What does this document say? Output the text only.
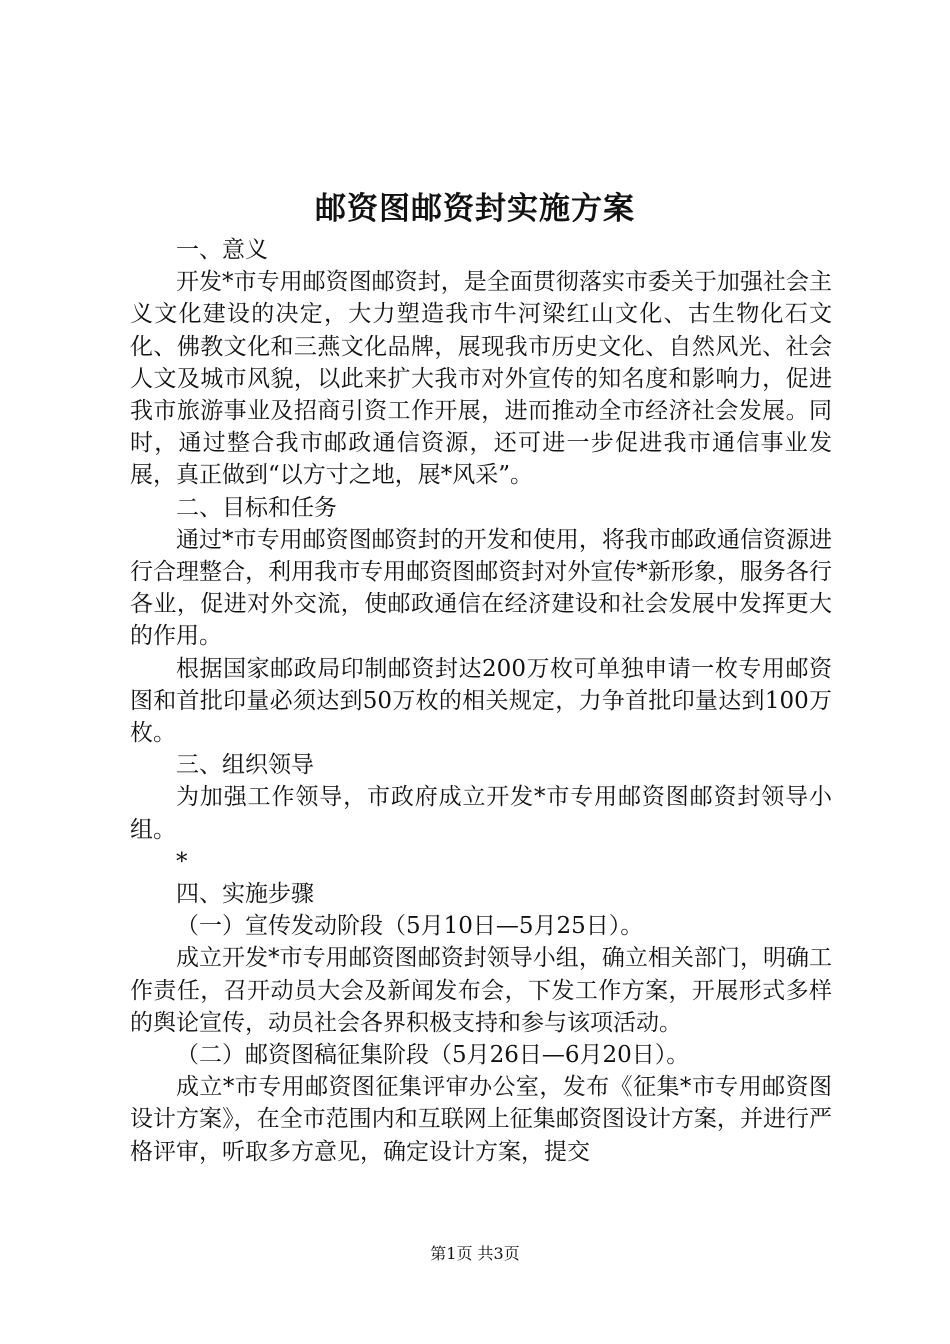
邮资图邮资封实施方案

一、意义

开发*市专用邮资图邮资封，是全面贯彻落实市委关于加强社会主义文化建设的决定，大力塑造我市牛河梁红山文化、古生物化石文化、佛教文化和三燕文化品牌，展现我市历史文化、自然风光、社会人文及城市风貌，以此来扩大我市对外宣传的知名度和影响力，促进我市旅游事业及招商引资工作开展，进而推动全市经济社会发展。同时，通过整合我市邮政通信资源，还可进一步促进我市通信事业发展，真正做到“以方寸之地，展*风采”。

二、目标和任务

通过*市专用邮资图邮资封的开发和使用，将我市邮政通信资源进行合理整合，利用我市专用邮资图邮资封对外宣传*新形象，服务各行各业，促进对外交流，使邮政通信在经济建设和社会发展中发挥更大的作用。

根据国家邮政局印制邮资封达200万枚可单独申请一枚专用邮资图和首批印量必须达到50万枚的相关规定，力争首批印量达到100万枚。

三、组织领导

为加强工作领导，市政府成立开发*市专用邮资图邮资封领导小组。

*

四、实施步骤

（一）宣传发动阶段（5月10日—5月25日）。

成立开发*市专用邮资图邮资封领导小组，确立相关部门，明确工作责任，召开动员大会及新闻发布会，下发工作方案，开展形式多样的舆论宣传，动员社会各界积极支持和参与该项活动。

（二）邮资图稿征集阶段（5月26日—6月20日）。

成立*市专用邮资图征集评审办公室，发布《征集*市专用邮资图设计方案》，在全市范围内和互联网上征集邮资图设计方案，并进行严格评审，听取多方意见，确定设计方案，提交

第1页 共3页
